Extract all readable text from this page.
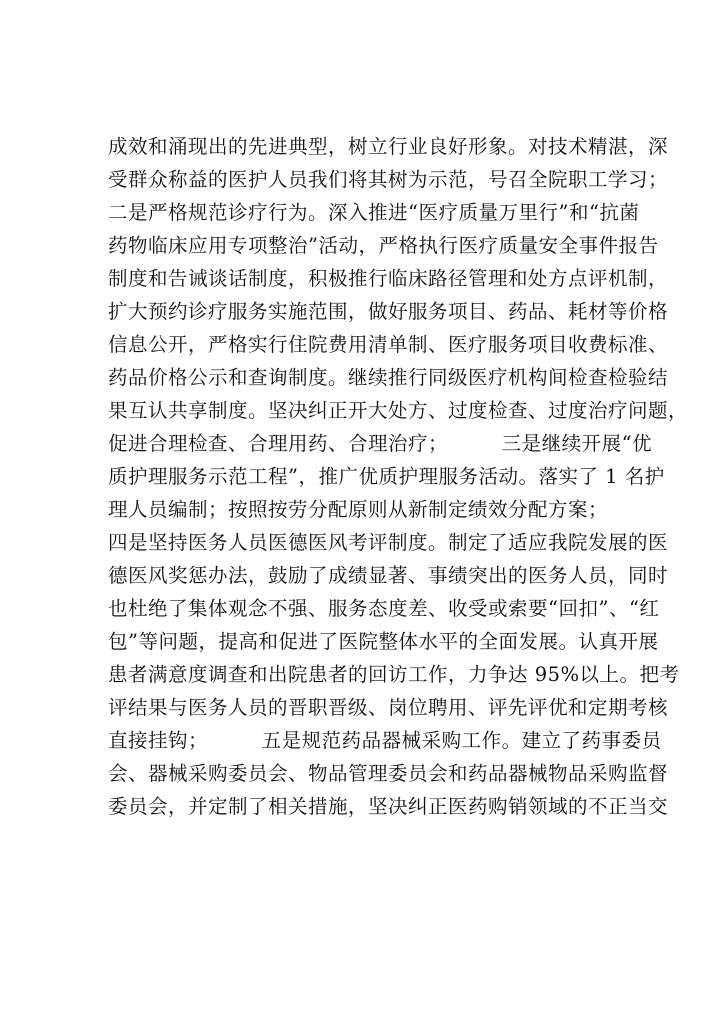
成效和涌现出的先进典型，树立行业良好形象。对技术精湛，深
受群众称益的医护人员我们将其树为示范，号召全院职工学习；
二是严格规范诊疗行为。深入推进“医疗质量万里行”和“抗菌
药物临床应用专项整治”活动，严格执行医疗质量安全事件报告
制度和告诫谈话制度，积极推行临床路径管理和处方点评机制，
扩大预约诊疗服务实施范围，做好服务项目、药品、耗材等价格
信息公开，严格实行住院费用清单制、医疗服务项目收费标准、
药品价格公示和查询制度。继续推行同级医疗机构间检查检验结
果互认共享制度。坚决纠正开大处方、过度检查、过度治疗问题，
促进合理检查、合理用药、合理治疗；        三是继续开展“优
质护理服务示范工程”，推广优质护理服务活动。落实了 1 名护
理人员编制；按照按劳分配原则从新制定绩效分配方案；
四是坚持医务人员医德医风考评制度。制定了适应我院发展的医
德医风奖惩办法，鼓励了成绩显著、事绩突出的医务人员，同时
也杜绝了集体观念不强、服务态度差、收受或索要“回扣”、“红
包”等问题，提高和促进了医院整体水平的全面发展。认真开展
患者满意度调查和出院患者的回访工作，力争达 95%以上。把考
评结果与医务人员的晋职晋级、岗位聘用、评先评优和定期考核
直接挂钩；        五是规范药品器械采购工作。建立了药事委员
会、器械采购委员会、物品管理委员会和药品器械物品采购监督
委员会，并定制了相关措施，坚决纠正医药购销领域的不正当交
